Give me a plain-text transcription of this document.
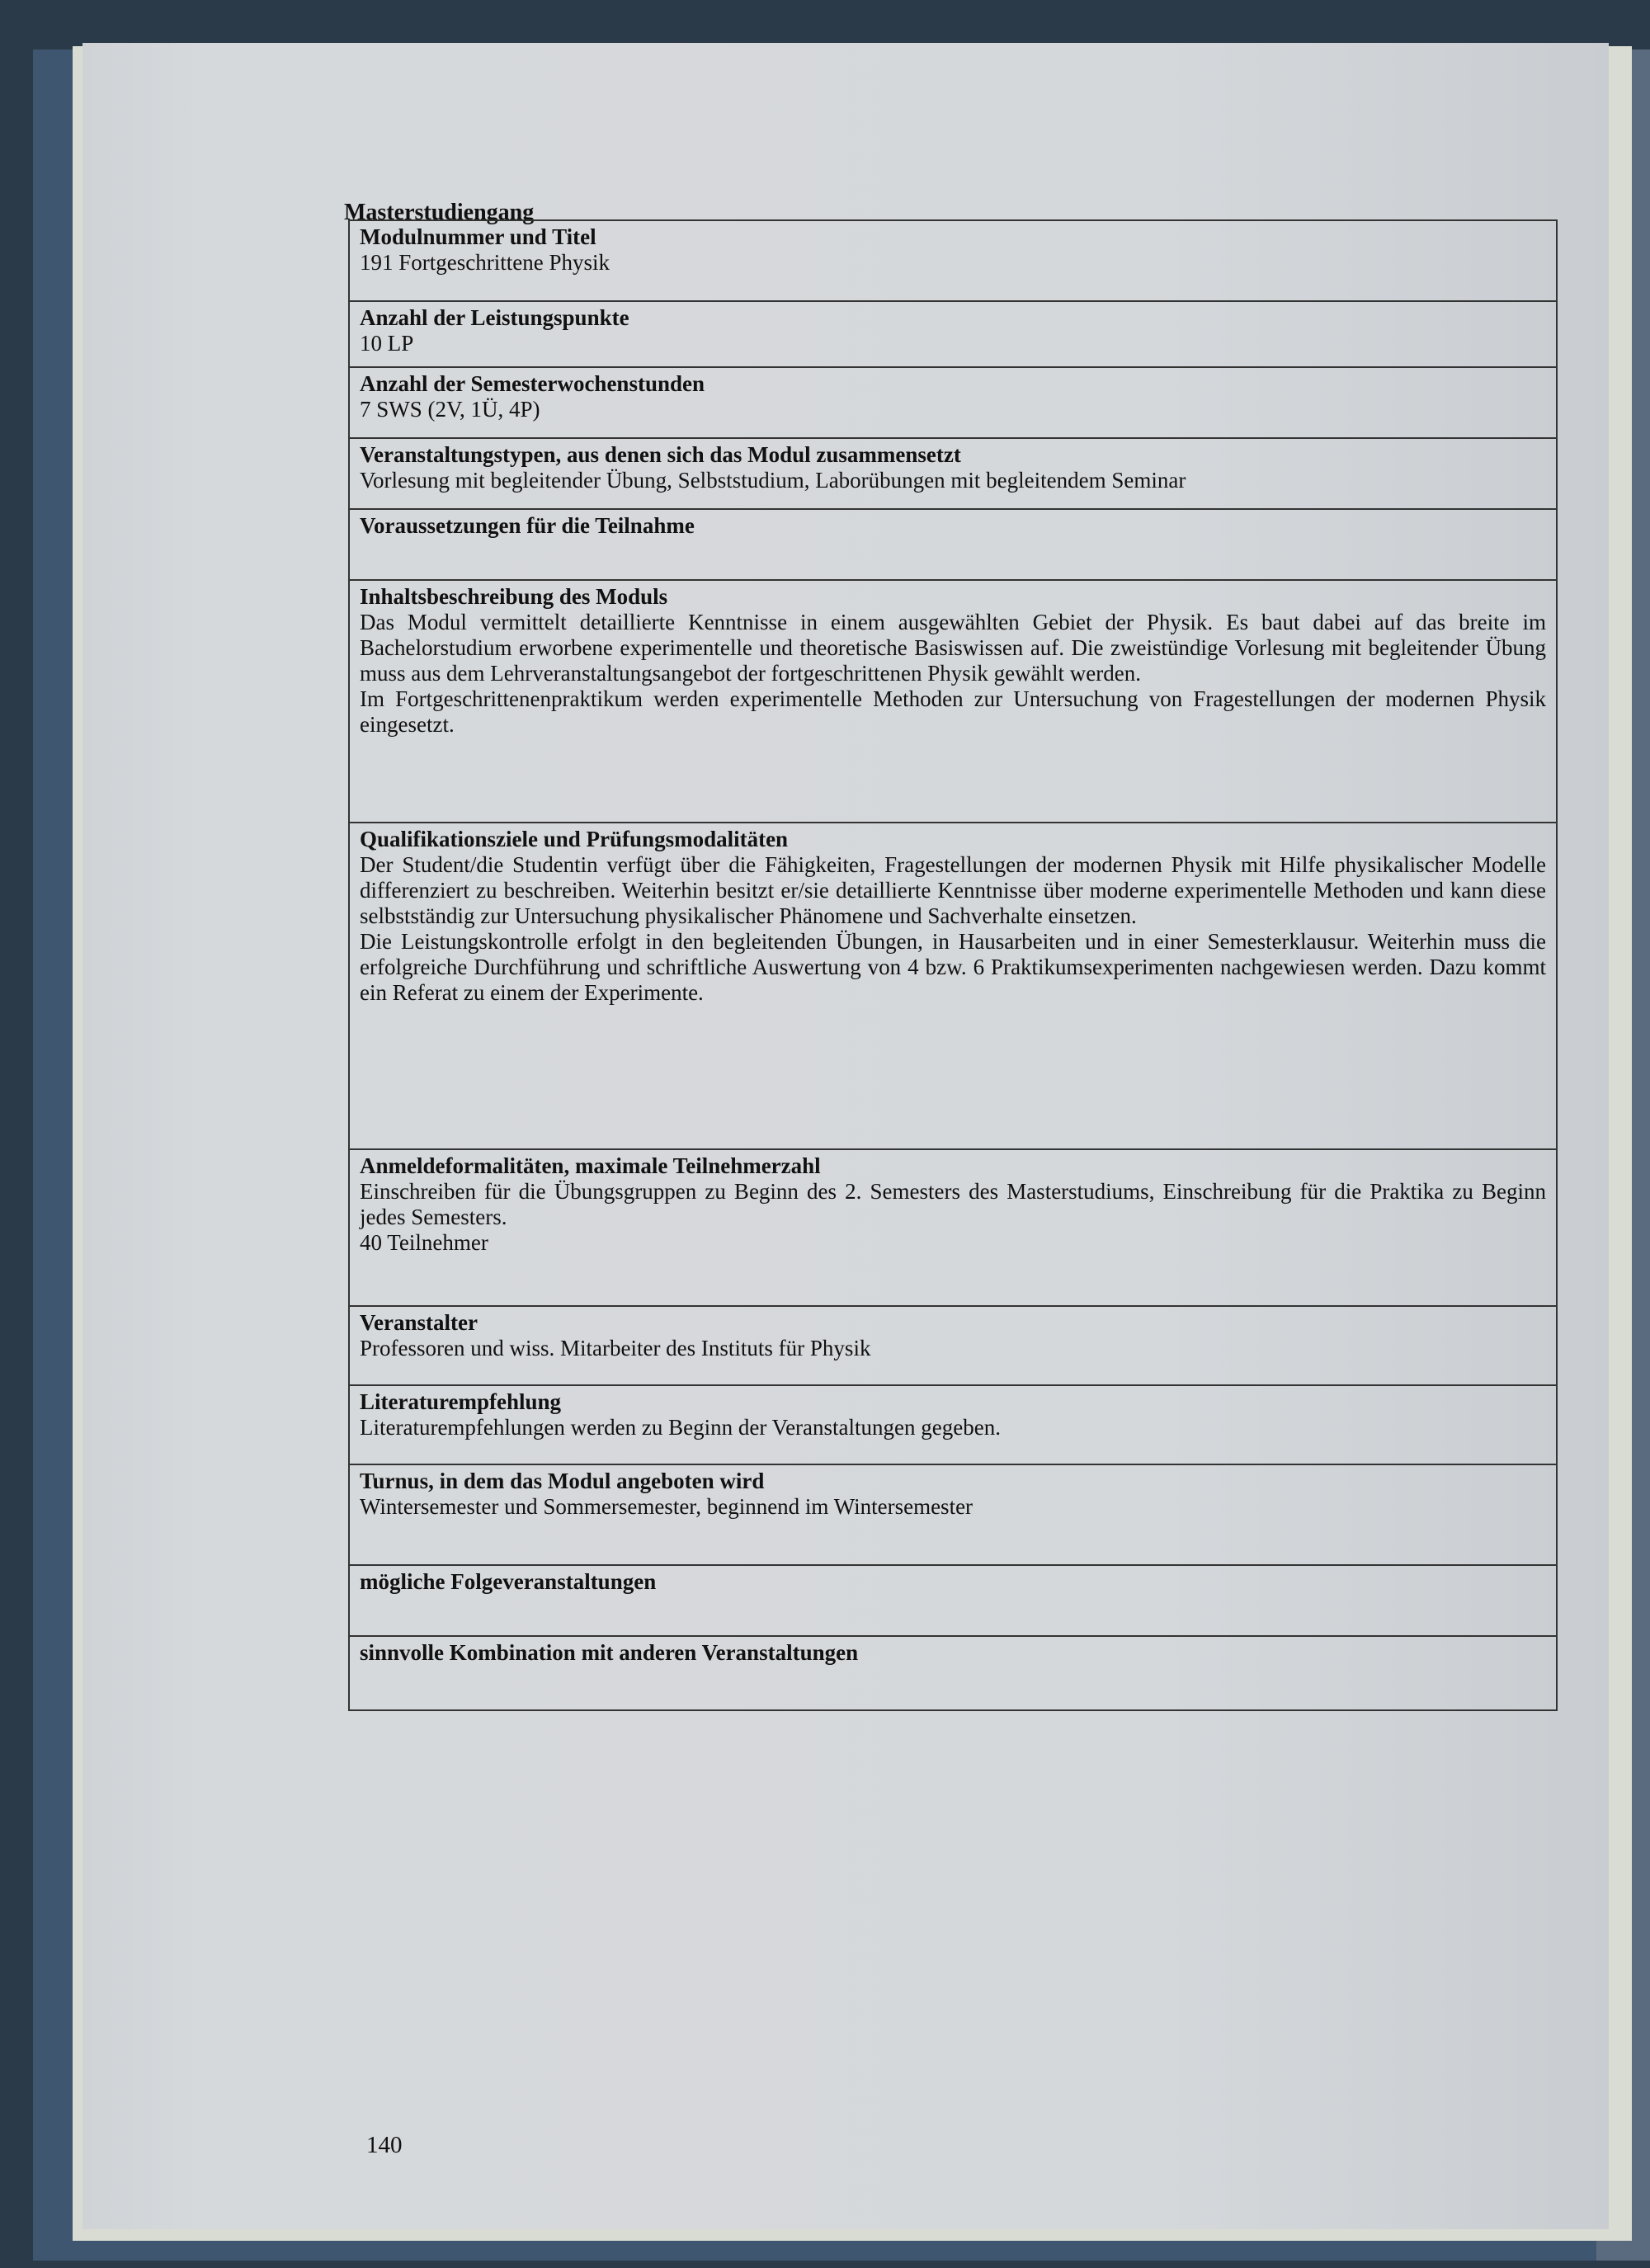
Masterstudiengang
Modulnummer und Titel
191 Fortgeschrittene Physik
Anzahl der Leistungspunkte
10 LP
Anzahl der Semesterwochenstunden
7 SWS (2V, 1Ü, 4P)
Veranstaltungstypen, aus denen sich das Modul zusammensetzt
Vorlesung mit begleitender Übung, Selbststudium, Laborübungen mit begleitendem Seminar
Voraussetzungen für die Teilnahme
Inhaltsbeschreibung des Moduls
Das Modul vermittelt detaillierte Kenntnisse in einem ausgewählten Gebiet der Physik. Es baut dabei auf das breite im Bachelorstudium erworbene experimentelle und theoretische Basiswissen auf. Die zweistündige Vorlesung mit begleitender Übung muss aus dem Lehrveranstaltungsangebot der fortgeschrittenen Physik gewählt werden.
Im Fortgeschrittenenpraktikum werden experimentelle Methoden zur Untersuchung von Fragestellungen der modernen Physik eingesetzt.
Qualifikationsziele und Prüfungsmodalitäten
Der Student/die Studentin verfügt über die Fähigkeiten, Fragestellungen der modernen Physik mit Hilfe physikalischer Modelle differenziert zu beschreiben. Weiterhin besitzt er/sie detaillierte Kenntnisse über moderne experimentelle Methoden und kann diese selbstständig zur Untersuchung physikalischer Phänomene und Sachverhalte einsetzen.
Die Leistungskontrolle erfolgt in den begleitenden Übungen, in Hausarbeiten und in einer Semesterklausur. Weiterhin muss die erfolgreiche Durchführung und schriftliche Auswertung von 4 bzw. 6 Praktikumsexperimenten nachgewiesen werden. Dazu kommt ein Referat zu einem der Experimente.
Anmeldeformalitäten, maximale Teilnehmerzahl
Einschreiben für die Übungsgruppen zu Beginn des 2. Semesters des Masterstudiums, Einschreibung für die Praktika zu Beginn jedes Semesters.
40 Teilnehmer
Veranstalter
Professoren und wiss. Mitarbeiter des Instituts für Physik
Literaturempfehlung
Literaturempfehlungen werden zu Beginn der Veranstaltungen gegeben.
Turnus, in dem das Modul angeboten wird
Wintersemester und Sommersemester, beginnend im Wintersemester
mögliche Folgeveranstaltungen
sinnvolle Kombination mit anderen Veranstaltungen
140
